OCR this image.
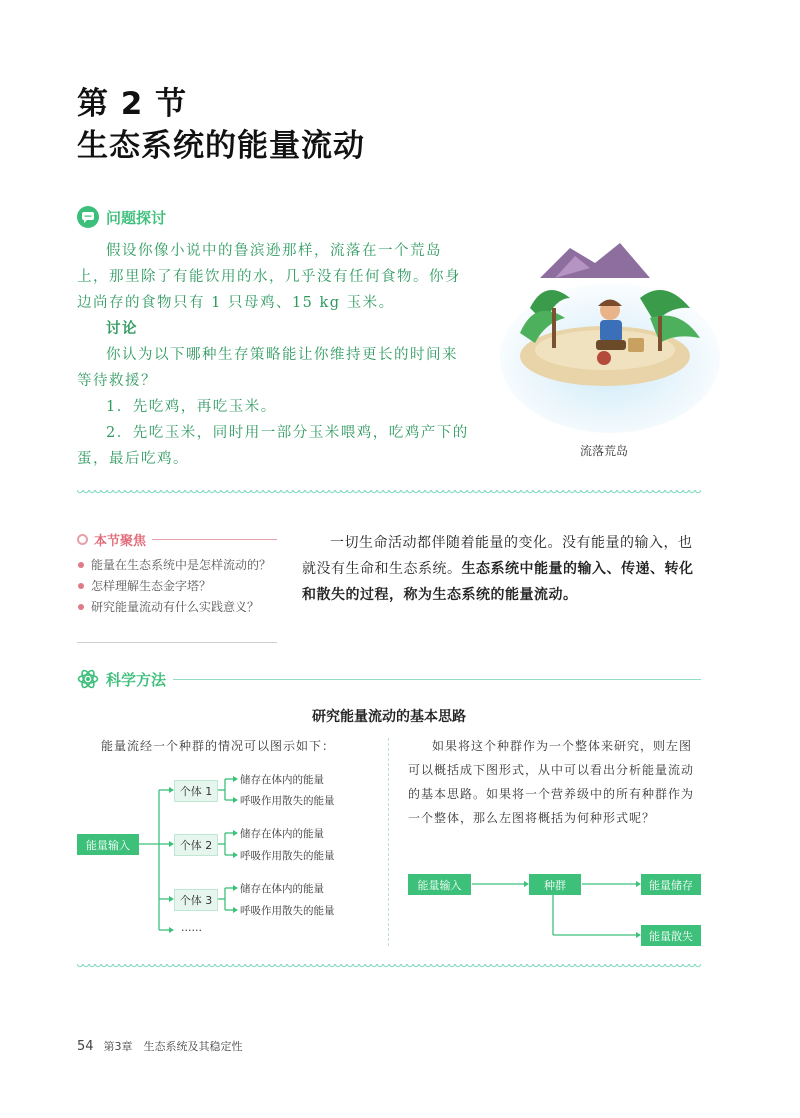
第 2 节
生态系统的能量流动
问题探讨

假设你像小说中的鲁滨逊那样，流落在一个荒岛上，那里除了有能饮用的水，几乎没有任何食物。你身边尚存的食物只有 1 只母鸡、15 kg 玉米。

讨论

你认为以下哪种生存策略能让你维持更长的时间来等待救援？

1．先吃鸡，再吃玉米。

2．先吃玉米，同时用一部分玉米喂鸡，吃鸡产下的蛋，最后吃鸡。	流落荒岛
本节聚焦
能量在生态系统中是怎样流动的？
怎样理解生态金字塔？
研究能量流动有什么实践意义？
一切生命活动都伴随着能量的变化。没有能量的输入，也就没有生命和生态系统。生态系统中能量的输入、传递、转化和散失的过程，称为生态系统的能量流动。
科学方法
研究能量流动的基本思路
能量流经一个种群的情况可以图示如下：
能量输入
个体 1
个体 2
个体 3
储存在体内的能量
呼吸作用散失的能量
储存在体内的能量
呼吸作用散失的能量
储存在体内的能量
呼吸作用散失的能量
……
如果将这个种群作为一个整体来研究，则左图可以概括成下图形式，从中可以看出分析能量流动的基本思路。如果将一个营养级中的所有种群作为一个整体，那么左图将概括为何种形式呢？
能量输入	种群	能量储存
能量散失
54 第3章　生态系统及其稳定性
